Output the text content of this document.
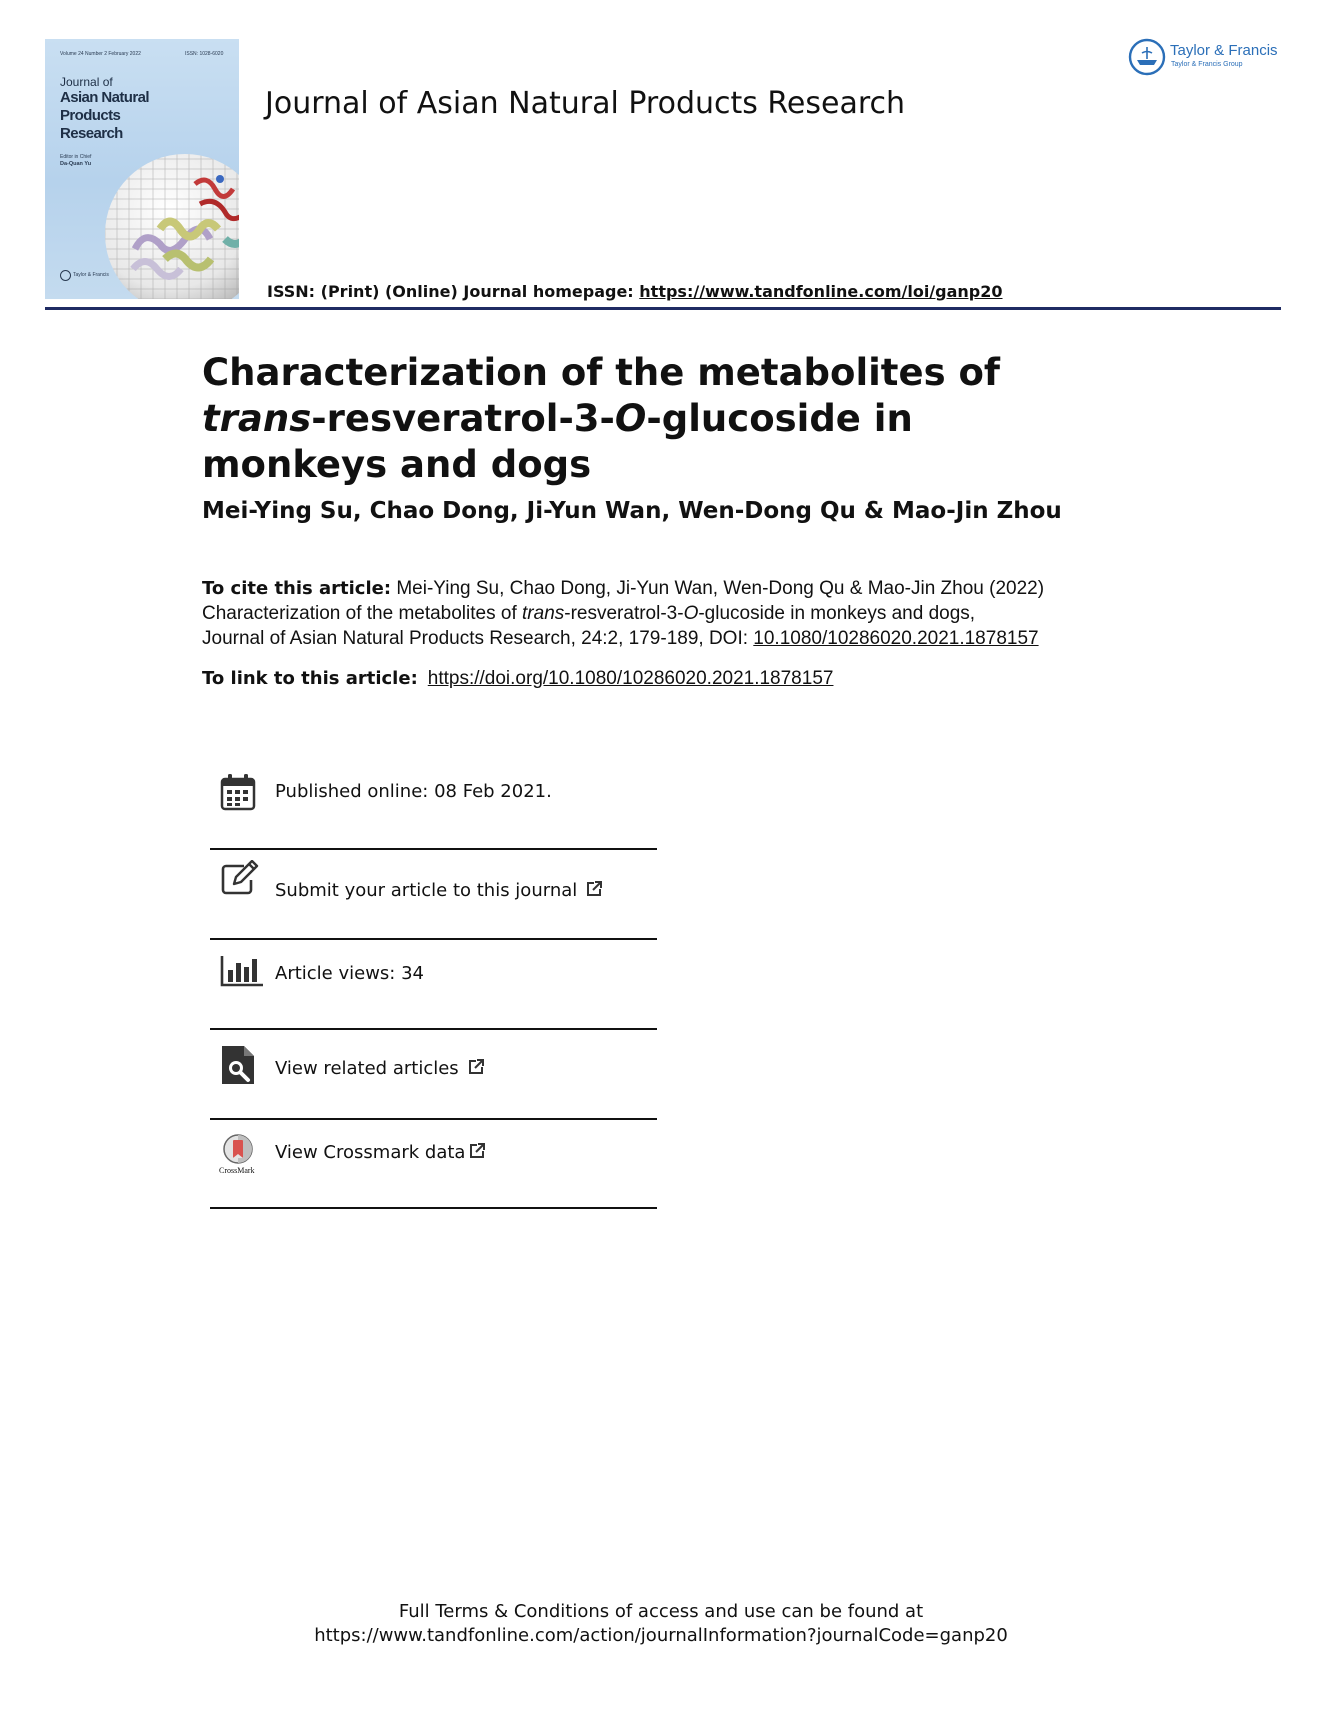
Volume 24 Number 2 February 2022	ISSN: 1028-6020
Journal of
Asian Natural Products Research
Editor in Chief
Da-Quan Yu
Taylor & Francis
Journal of Asian Natural Products Research
ISSN: (Print) (Online) Journal homepage: https://www.tandfonline.com/loi/ganp20
Taylor & Francis
Taylor & Francis Group
Characterization of the metabolites of trans-resveratrol-3-O-glucoside in monkeys and dogs
Mei-Ying Su, Chao Dong, Ji-Yun Wan, Wen-Dong Qu & Mao-Jin Zhou
To cite this article: Mei-Ying Su, Chao Dong, Ji-Yun Wan, Wen-Dong Qu & Mao-Jin Zhou (2022)
Characterization of the metabolites of trans-resveratrol-3-O-glucoside in monkeys and dogs,
Journal of Asian Natural Products Research, 24:2, 179-189, DOI: 10.1080/10286020.2021.1878157
To link to this article: https://doi.org/10.1080/10286020.2021.1878157
Published online: 08 Feb 2021.
Submit your article to this journal
Article views: 34
View related articles
CrossMark
View Crossmark data
Full Terms & Conditions of access and use can be found at
https://www.tandfonline.com/action/journalInformation?journalCode=ganp20
